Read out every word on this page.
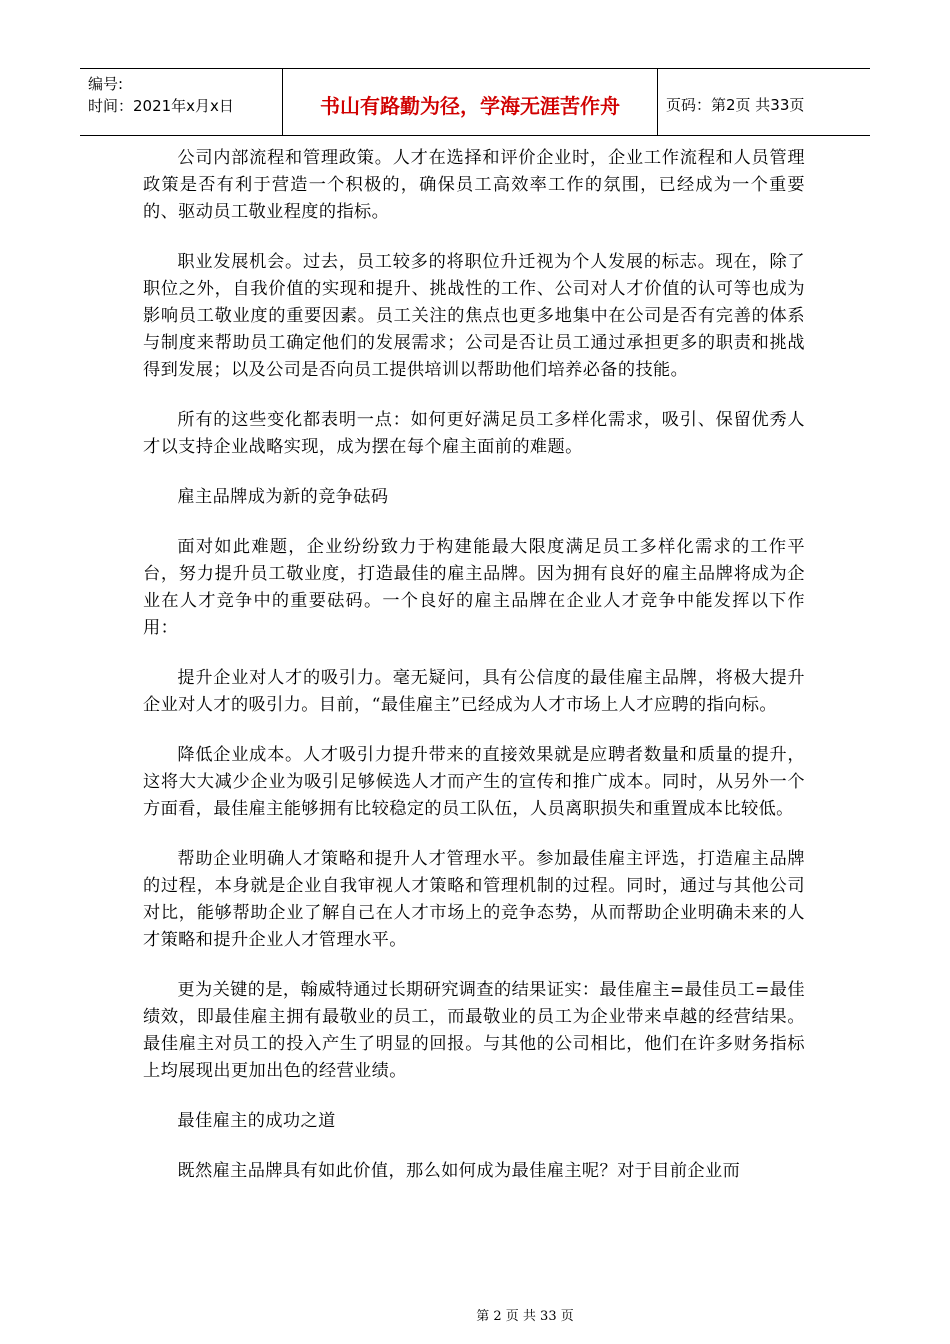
编号:
时间：2021年x月x日	书山有路勤为径，学海无涯苦作舟	页码：第2页 共33页

公司内部流程和管理政策。人才在选择和评价企业时，企业工作流程和人员管理政策是否有利于营造一个积极的，确保员工高效率工作的氛围，已经成为一个重要的、驱动员工敬业程度的指标。

职业发展机会。过去，员工较多的将职位升迁视为个人发展的标志。现在，除了职位之外，自我价值的实现和提升、挑战性的工作、公司对人才价值的认可等也成为影响员工敬业度的重要因素。员工关注的焦点也更多地集中在公司是否有完善的体系与制度来帮助员工确定他们的发展需求；公司是否让员工通过承担更多的职责和挑战得到发展；以及公司是否向员工提供培训以帮助他们培养必备的技能。

所有的这些变化都表明一点：如何更好满足员工多样化需求，吸引、保留优秀人才以支持企业战略实现，成为摆在每个雇主面前的难题。

雇主品牌成为新的竞争砝码

面对如此难题，企业纷纷致力于构建能最大限度满足员工多样化需求的工作平台，努力提升员工敬业度，打造最佳的雇主品牌。因为拥有良好的雇主品牌将成为企业在人才竞争中的重要砝码。一个良好的雇主品牌在企业人才竞争中能发挥以下作用：

提升企业对人才的吸引力。毫无疑问，具有公信度的最佳雇主品牌，将极大提升企业对人才的吸引力。目前，“最佳雇主”已经成为人才市场上人才应聘的指向标。

降低企业成本。人才吸引力提升带来的直接效果就是应聘者数量和质量的提升，这将大大减少企业为吸引足够候选人才而产生的宣传和推广成本。同时，从另外一个方面看，最佳雇主能够拥有比较稳定的员工队伍，人员离职损失和重置成本比较低。

帮助企业明确人才策略和提升人才管理水平。参加最佳雇主评选，打造雇主品牌的过程，本身就是企业自我审视人才策略和管理机制的过程。同时，通过与其他公司对比，能够帮助企业了解自己在人才市场上的竞争态势，从而帮助企业明确未来的人才策略和提升企业人才管理水平。

更为关键的是，翰威特通过长期研究调查的结果证实：最佳雇主=最佳员工=最佳绩效，即最佳雇主拥有最敬业的员工，而最敬业的员工为企业带来卓越的经营结果。最佳雇主对员工的投入产生了明显的回报。与其他的公司相比，他们在许多财务指标上均展现出更加出色的经营业绩。

最佳雇主的成功之道

既然雇主品牌具有如此价值，那么如何成为最佳雇主呢？对于目前企业而

第 2 页 共 33 页
